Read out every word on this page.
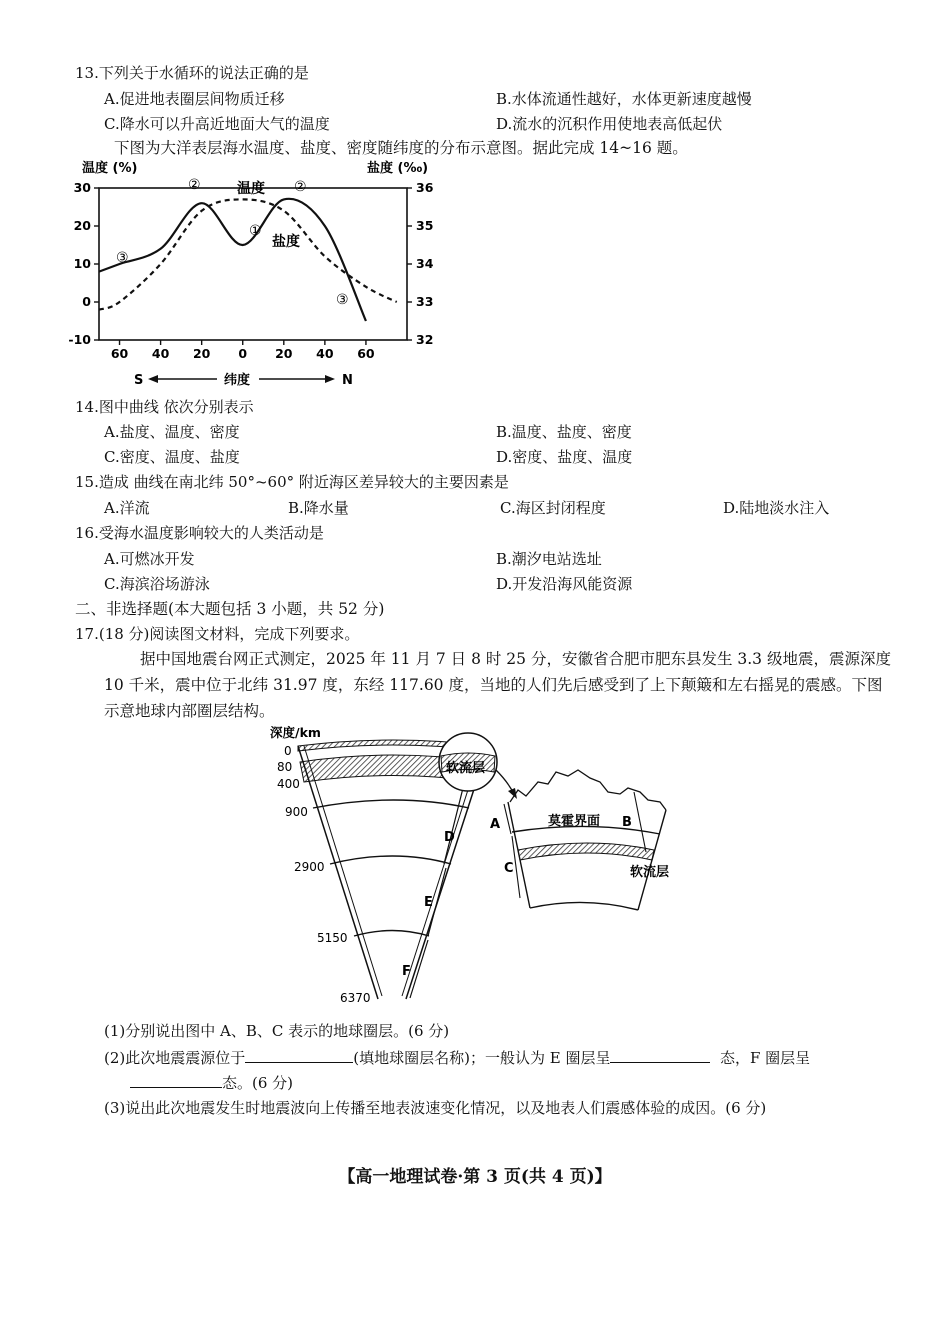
13.下列关于水循环的说法正确的是
A.促进地表圈层间物质迁移	B.水体流通性越好，水体更新速度越慢
C.降水可以升高近地面大气的温度	D.流水的沉积作用使地表高低起伏
下图为大洋表层海水温度、盐度、密度随纬度的分布示意图。据此完成 14~16 题。
温度 (%)	盐度 (‰)
30
20
10
0
-10
36
35
34
33
32
60 40 20 0 20 40 60
温度
盐度
①
②	②
③
③
S	纬度	N
14.图中曲线 依次分别表示
A.盐度、温度、密度	B.温度、盐度、密度
C.密度、温度、盐度	D.密度、盐度、温度
15.造成 曲线在南北纬 50°~60° 附近海区差异较大的主要因素是
A.洋流	B.降水量	C.海区封闭程度	D.陆地淡水注入
16.受海水温度影响较大的人类活动是
A.可燃冰开发	B.潮汐电站选址
C.海滨浴场游泳	D.开发沿海风能资源
二、非选择题(本大题包括 3 小题，共 52 分)
17.(18 分)阅读图文材料，完成下列要求。
据中国地震台网正式测定，2025 年 11 月 7 日 8 时 25 分，安徽省合肥市肥东县发生 3.3 级地震，震源深度 10 千米，震中位于北纬 31.97 度，东经 117.60 度，当地的人们先后感受到了上下颠簸和左右摇晃的震感。下图示意地球内部圈层结构。
深度/km
0
80
400
900
2900
5150
6370
D
E
F
软流层
莫霍界面
软流层
A	B
C
(1)分别说出图中 A、B、C 表示的地球圈层。(6 分)
(2)此次地震震源位于	(填地球圈层名称)；一般认为 E 圈层呈	态，F 圈层呈
态。(6 分)
(3)说出此次地震发生时地震波向上传播至地表波速变化情况，以及地表人们震感体验的成因。(6 分)
【高一地理试卷·第 3 页(共 4 页)】
